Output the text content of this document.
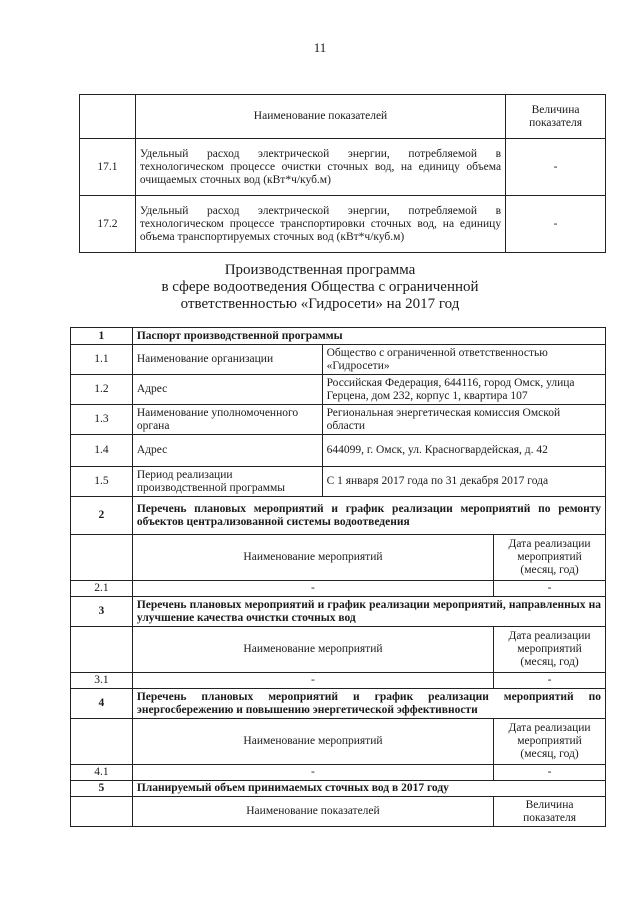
11
	Наименование показателей	Величина показателя
17.1	Удельный расход электрической энергии, потребляемой в технологическом процессе очистки сточных вод, на единицу объема очищаемых сточных вод (кВт*ч/куб.м)	-
17.2	Удельный расход электрической энергии, потребляемой в технологическом процессе транспортировки сточных вод, на единицу объема транспортируемых сточных вод (кВт*ч/куб.м)	-
Производственная программа
в сфере водоотведения Общества с ограниченной
ответственностью «Гидросети» на 2017 год
1	Паспорт производственной программы		
1.1	Наименование организации	Общество с ограниченной ответственностью «Гидросети»	
1.2	Адрес	Российская Федерация, 644116, город Омск, улица Герцена, дом 232, корпус 1, квартира 107	
1.3	Наименование уполномоченного органа	Региональная энергетическая комиссия Омской области	
1.4	Адрес	644099, г. Омск, ул. Красногвардейская, д. 42	
1.5	Период реализации производственной программы	С 1 января 2017 года по 31 декабря 2017 года	
2	Перечень плановых мероприятий и график реализации мероприятий по ремонту объектов централизованной системы водоотведения		
	Наименование мероприятий		Дата реализации мероприятий (месяц, год)
2.1	-		-
3	Перечень плановых мероприятий и график реализации мероприятий, направленных на улучшение качества очистки сточных вод		
	Наименование мероприятий		Дата реализации мероприятий (месяц, год)
3.1	-		-
4	Перечень плановых мероприятий и график реализации мероприятий по энергосбережению и повышению энергетической эффективности		
	Наименование мероприятий		Дата реализации мероприятий (месяц, год)
4.1	-		-
5	Планируемый объем принимаемых сточных вод в 2017 году		
	Наименование показателей		Величина показателя
